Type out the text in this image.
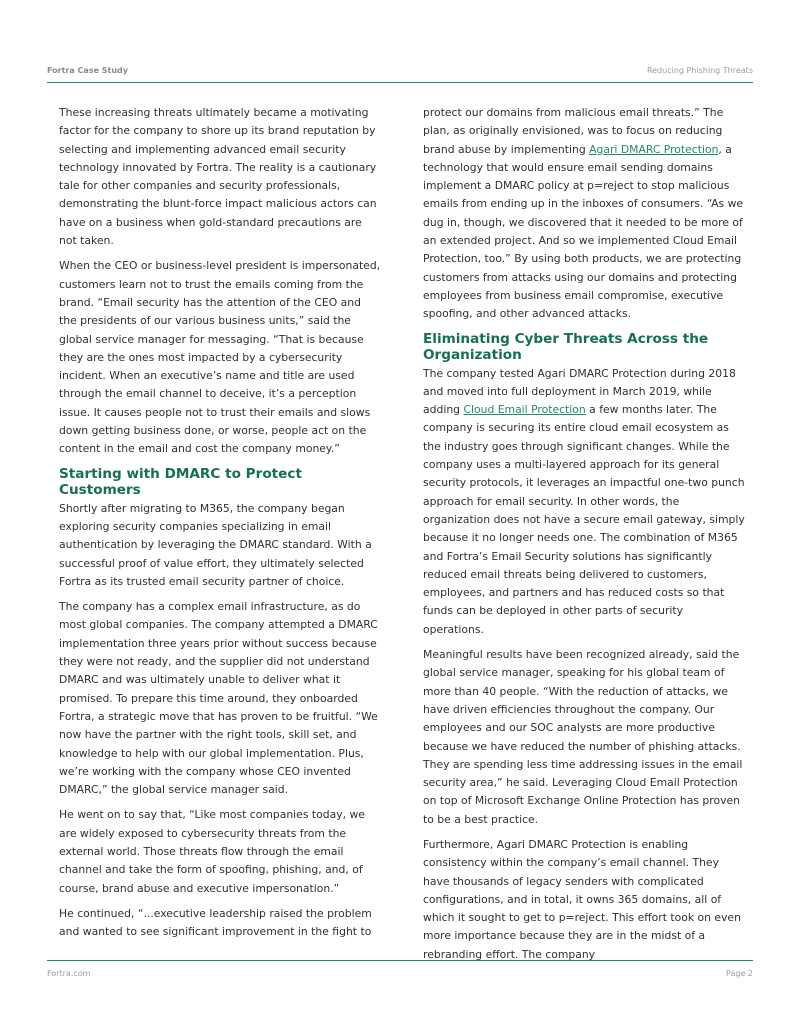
Fortra Case Study	Reducing Phishing Threats

These increasing threats ultimately became a motivating factor for the company to shore up its brand reputation by selecting and implementing advanced email security technology innovated by Fortra. The reality is a cautionary tale for other companies and security professionals, demonstrating the blunt-force impact malicious actors can have on a business when gold-standard precautions are not taken.

When the CEO or business-level president is impersonated, customers learn not to trust the emails coming from the brand. “Email security has the attention of the CEO and the presidents of our various business units,” said the global service manager for messaging. “That is because they are the ones most impacted by a cybersecurity incident. When an executive’s name and title are used through the email channel to deceive, it’s a perception issue. It causes people not to trust their emails and slows down getting business done, or worse, people act on the content in the email and cost the company money.”

Starting with DMARC to Protect Customers

Shortly after migrating to M365, the company began exploring security companies specializing in email authentication by leveraging the DMARC standard. With a successful proof of value effort, they ultimately selected Fortra as its trusted email security partner of choice.

The company has a complex email infrastructure, as do most global companies. The company attempted a DMARC implementation three years prior without success because they were not ready, and the supplier did not understand DMARC and was ultimately unable to deliver what it promised. To prepare this time around, they onboarded Fortra, a strategic move that has proven to be fruitful. “We now have the partner with the right tools, skill set, and knowledge to help with our global implementation. Plus, we’re working with the company whose CEO invented DMARC,” the global service manager said.

He went on to say that, “Like most companies today, we are widely exposed to cybersecurity threats from the external world. Those threats flow through the email channel and take the form of spoofing, phishing, and, of course, brand abuse and executive impersonation.”

He continued, “...executive leadership raised the problem and wanted to see significant improvement in the fight to

protect our domains from malicious email threats.” The plan, as originally envisioned, was to focus on reducing brand abuse by implementing Agari DMARC Protection, a technology that would ensure email sending domains implement a DMARC policy at p=reject to stop malicious emails from ending up in the inboxes of consumers. “As we dug in, though, we discovered that it needed to be more of an extended project. And so we implemented Cloud Email Protection, too.” By using both products, we are protecting customers from attacks using our domains and protecting employees from business email compromise, executive spoofing, and other advanced attacks.

Eliminating Cyber Threats Across the Organization

The company tested Agari DMARC Protection during 2018 and moved into full deployment in March 2019, while adding Cloud Email Protection a few months later. The company is securing its entire cloud email ecosystem as the industry goes through significant changes. While the company uses a multi-layered approach for its general security protocols, it leverages an impactful one-two punch approach for email security. In other words, the organization does not have a secure email gateway, simply because it no longer needs one. The combination of M365 and Fortra’s Email Security solutions has significantly reduced email threats being delivered to customers, employees, and partners and has reduced costs so that funds can be deployed in other parts of security operations.

Meaningful results have been recognized already, said the global service manager, speaking for his global team of more than 40 people. “With the reduction of attacks, we have driven efficiencies throughout the company. Our employees and our SOC analysts are more productive because we have reduced the number of phishing attacks. They are spending less time addressing issues in the email security area,” he said. Leveraging Cloud Email Protection on top of Microsoft Exchange Online Protection has proven to be a best practice.

Furthermore, Agari DMARC Protection is enabling consistency within the company’s email channel. They have thousands of legacy senders with complicated configurations, and in total, it owns 365 domains, all of which it sought to get to p=reject. This effort took on even more importance because they are in the midst of a rebranding effort. The company

Fortra.com	Page 2
